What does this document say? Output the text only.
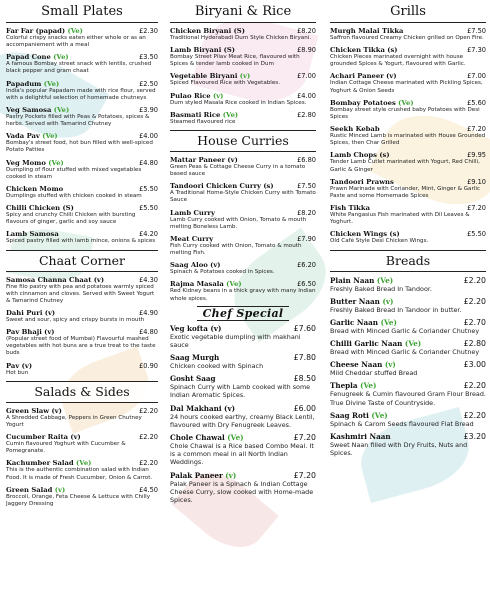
Small Plates
Far Far (papad) (Ve)	£2.30
Colorful crispy snacks eaten either whole or as an accompaniement with a meal
Papad Cone (Ve)	£3.50
A famous Bombay street snack with lentils, crushed black pepper and gram chaat
Papadum (Ve)	£2.50
India's popular Papadam made with rice flour, served with a delightful selection of homemade chutneys
Veg Samosa (Ve)	£3.90
Pastry Pockets filled with Peas & Potatoes, spices & herbs. Served with Tamarind Chutney
Vada Pav (Ve)	£4.00
Bombay's street food, hot bun filled with well-spiced Potato Patties
Veg Momo (Ve)	£4.80
Dumpling of flour stuffed with mixed vegetables cooked in steam
Chicken Momo	£5.50
Dumplings stuffed with chicken cooked in steam
Chilli Chicken (S)	£5.50
Spicy and crunchy Chilli Chicken with bursting flavours of ginger, garlic and soy sauce
Lamb Samosa	£4.20
Spiced pastry filled with lamb mince, onions & spices
Chaat Corner
Samosa Channa Chaat (v)	£4.30
Fine filo pastry with pea and potatoes warmly spiced with cinnamon and cloves. Served with Sweet Yogurt & Tamarind Chutney
Dahi Puri (v)	£4.90
Sweet and sour, spicy and crispy bursts in mouth
Pav Bhaji (v)	£4.80
(Popular street food of Mumbai) Flavourful mashed vegetables with hot buns are a true treat to the taste buds
Pav (v)	£0.90
Hot bun
Salads & Sides
Green Slaw (v)	£2.20
A Shredded Cabbage, Peppers in Green Chutney Yogurt
Cucumber Raita (v)	£2.20
Cumin flavoured Yoghurt with Cucumber & Pomegranate.
Kachumber Salad (Ve)	£2.20
This is the authentic combination salad with Indian Food. It is made of Fresh Cucumber, Onion & Carrot.
Green Salad (v)	£4.50
Broccoli, Orange, Feta Cheese & Lettuce with Chilly Jaggery Dressing
Biryani & Rice
Chicken Biryani (S)	£8.20
Traditional Hyderabadi Dum Style Chicken Biryani.
Lamb Biryani (S)	£8.90
Bombay Street Pilav Meat Rice, flavoured with Spices & tender lamb cooked in Dum
Vegetable Biryani (v)	£7.00
Spiced Flavoured Rice with Vegetables.
Pulao Rice (v)	£4.00
Dum styled Masala Rice cooked in Indian Spices.
Basmati Rice (Ve)	£2.80
Steamed flavoured rice
House Curries
Mattar Paneer (v)	£6.80
Green Peas & Cottage Cheese Curry in a tomato based sauce
Tandoori Chicken Curry (s)	£7.50
A Traditional Home-Style Chicken Curry with Tomato Sauce
Lamb Curry	£8.20
Lamb Curry cooked with Onion, Tomato & mouth melting Boneless Lamb.
Meat Curry	£7.90
Fish Curry cooked with Onion, Tomato & mouth melting Fish.
Saag Aloo (v)	£6.20
Spinach & Potatoes cooked in Spices.
Rajma Masala (Ve)	£6.50
Red Kidney beans in a thick gravy with many Indian whole spices.
Chef Special
Veg kofta (v)	£7.60
Exotic vegetable dumpling with makhani sauce
Saag Murgh	£7.80
Chicken cooked with Spinach
Gosht Saag	£8.50
Spinach Curry with Lamb cooked with some Indian Aromatic Spices.
Dal Makhani (v)	£6.00
24 hours cooked earthy, creamy Black Lentil, flavoured with Dry Fenugreek Leaves.
Chole Chawal (Ve)	£7.20
Chole Chawal is a Rice based Combo Meal. It is a common meal in all North Indian Weddings.
Palak Paneer (v)	£7.20
Palak Paneer is a Spinach & Indian Cottage Cheese Curry, slow cooked with Home-made Spices.
Grills
Murgh Malai Tikka	£7.50
Saffron flavoured Creamy Chicken grilled on Open Fire.
Chicken Tikka (s)	£7.30
Chicken Pieces marinated overnight with house grounded Spices & Yogurt, flavoured with Garlic.
Achari Paneer (v)	£7.00
Indian Cottage Cheese marinated with Pickling Spices, Yoghurt & Onion Seeds
Bombay Potatoes (Ve)	£5.60
Bombay street style crushed baby Potatoes with Desi Spices
Seekh Kebab	£7.20
Rustic Minced Lamb is marinated with House Grounded Spices, then Char Grilled
Lamb Chops (s)	£9.95
Tender Lamb Cutlet marinated with Yogurt, Red Chilli, Garlic & Ginger
Tandoori Prawns	£9.10
Prawn Marinade with Coriander, Mint, Ginger & Garlic Paste and some Homemade Spices
Fish Tikka	£7.20
White Pangasius Fish marinated with Dil Leaves & Yoghurt.
Chicken Wings (s)	£5.50
Old Café Style Desi Chicken Wings.
Breads
Plain Naan (Ve)	£2.20
Freshly Baked Bread In Tandoor.
Butter Naan (v)	£2.20
Freshly Baked Bread In Tandoor in butter.
Garlic Naan (Ve)	£2.70
Bread with Minced Garlic & Coriander Chutney
Chilli Garlic Naan (Ve)	£2.80
Bread with Minced Garlic & Coriander Chutney
Cheese Naan (v)	£3.00
Mild Cheddar stuffed Bread
Thepla (Ve)	£2.20
Fenugreek & Cumin flavoured Gram Flour Bread. True Divine Taste of Countryside.
Saag Roti (Ve)	£2.20
Spinach & Carom Seeds flavoured Flat Bread
Kashmiri Naan	£3.20
Sweet Naan filled with Dry Fruits, Nuts and Spices.
